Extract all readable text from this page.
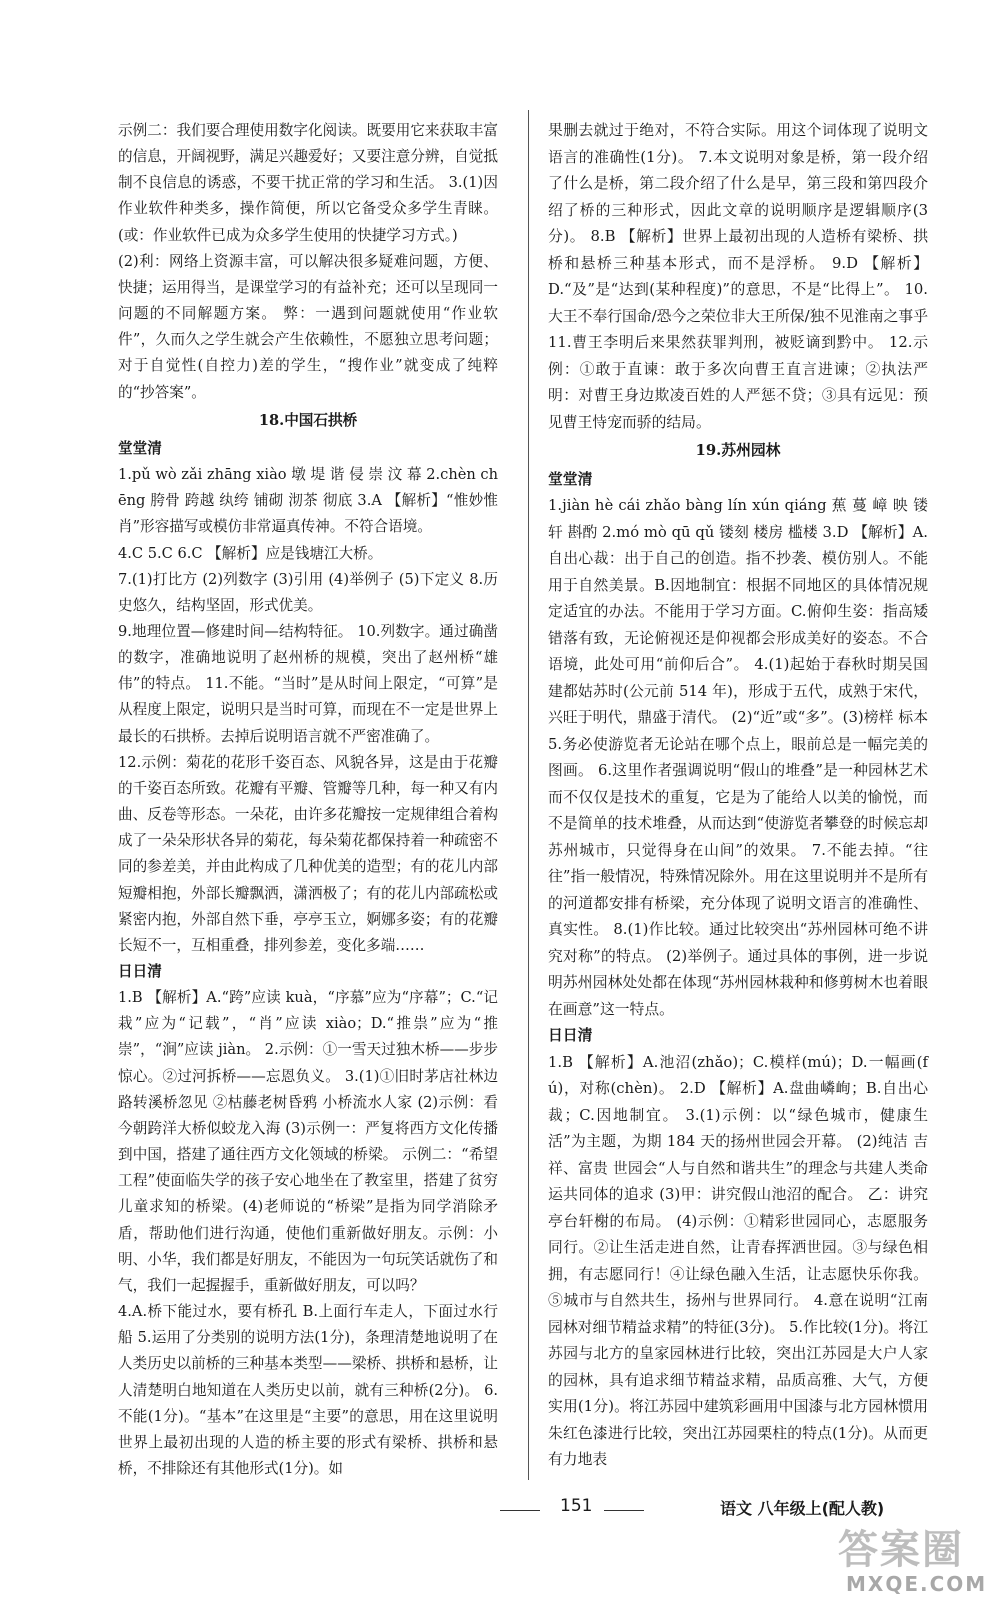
示例二：我们要合理使用数字化阅读。既要用它来获取丰富的信息，开阔视野，满足兴趣爱好；又要注意分辨，自觉抵制不良信息的诱惑，不要干扰正常的学习和生活。 3.(1)因作业软件种类多，操作简便，所以它备受众多学生青睐。(或：作业软件已成为众多学生使用的快捷学习方式。)

(2)利：网络上资源丰富，可以解决很多疑难问题，方便、快捷；运用得当，是课堂学习的有益补充；还可以呈现同一问题的不同解题方案。 弊：一遇到问题就使用“作业软件”，久而久之学生就会产生依赖性，不愿独立思考问题；对于自觉性(自控力)差的学生，“搜作业”就变成了纯粹的“抄答案”。

18.中国石拱桥
堂堂清

1.pǔ wò zǎi zhāng xiào 墩 堤 谐 侵 崇 汶 幕 2.chèn chēng 胯骨 跨越 纨绔 铺砌 沏茶 彻底 3.A 【解析】“惟妙惟肖”形容描写或模仿非常逼真传神。不符合语境。

4.C 5.C 6.C 【解析】应是钱塘江大桥。

7.(1)打比方 (2)列数字 (3)引用 (4)举例子 (5)下定义 8.历史悠久，结构坚固，形式优美。

9.地理位置—修建时间—结构特征。 10.列数字。通过确凿的数字，准确地说明了赵州桥的规模，突出了赵州桥“雄伟”的特点。 11.不能。“当时”是从时间上限定，“可算”是从程度上限定，说明只是当时可算，而现在不一定是世界上最长的石拱桥。去掉后说明语言就不严密准确了。

12.示例：菊花的花形千姿百态、风貌各异，这是由于花瓣的千姿百态所致。花瓣有平瓣、管瓣等几种，每一种又有内曲、反卷等形态。一朵花，由许多花瓣按一定规律组合着构成了一朵朵形状各异的菊花，每朵菊花都保持着一种疏密不同的参差美，并由此构成了几种优美的造型；有的花儿内部短瓣相抱，外部长瓣飘洒，潇洒极了；有的花儿内部疏松或紧密内抱，外部自然下垂，亭亭玉立，婀娜多姿；有的花瓣长短不一，互相重叠，排列参差，变化多端……

日日清

1.B 【解析】A.“跨”应读 kuà，“序慕”应为“序幕”；C.“记栽”应为“记载”，“肖”应读 xiào；D.“推祟”应为“推崇”，“涧”应读 jiàn。 2.示例：①一雪天过独木桥——步步惊心。②过河拆桥——忘恩负义。 3.(1)①旧时茅店社林边 路转溪桥忽见 ②枯藤老树昏鸦 小桥流水人家 (2)示例：看今朝跨洋大桥似蛟龙入海 (3)示例一：严复将西方文化传播到中国，搭建了通往西方文化领域的桥梁。 示例二：“希望工程”使面临失学的孩子安心地坐在了教室里，搭建了贫穷儿童求知的桥梁。(4)老师说的“桥梁”是指为同学消除矛盾，帮助他们进行沟通，使他们重新做好朋友。示例：小明、小华，我们都是好朋友，不能因为一句玩笑话就伤了和气，我们一起握握手，重新做好朋友，可以吗？

4.A.桥下能过水，要有桥孔 B.上面行车走人，下面过水行船 5.运用了分类别的说明方法(1分)，条理清楚地说明了在人类历史以前桥的三种基本类型——梁桥、拱桥和悬桥，让人清楚明白地知道在人类历史以前，就有三种桥(2分)。 6.不能(1分)。“基本”在这里是“主要”的意思，用在这里说明世界上最初出现的人造的桥主要的形式有梁桥、拱桥和悬桥，不排除还有其他形式(1分)。如

果删去就过于绝对，不符合实际。用这个词体现了说明文语言的准确性(1分)。 7.本文说明对象是桥，第一段介绍了什么是桥，第二段介绍了什么是早，第三段和第四段介绍了桥的三种形式，因此文章的说明顺序是逻辑顺序(3分)。 8.B 【解析】世界上最初出现的人造桥有梁桥、拱桥和悬桥三种基本形式，而不是浮桥。 9.D 【解析】D.“及”是“达到(某种程度)”的意思，不是“比得上”。 10.大王不奉行国命/恐今之荣位非大王所保/独不见淮南之事乎 11.曹王李明后来果然获罪判刑，被贬谪到黔中。 12.示例：①敢于直谏：敢于多次向曹王直言进谏；②执法严明：对曹王身边欺凌百姓的人严惩不贷；③具有远见：预见曹王恃宠而骄的结局。

19.苏州园林
堂堂清

1.jiàn hè cái zhǎo bàng lín xún qiáng 蕉 蔓 嶂 映 镂 轩 斟酌 2.mó mò qū qǔ 镂刻 楼房 槛楼 3.D 【解析】A.自出心裁：出于自己的创造。指不抄袭、模仿别人。不能用于自然美景。B.因地制宜：根据不同地区的具体情况规定适宜的办法。不能用于学习方面。C.俯仰生姿：指高矮错落有致，无论俯视还是仰视都会形成美好的姿态。不合语境，此处可用“前仰后合”。 4.(1)起始于春秋时期吴国建都姑苏时(公元前 514 年)，形成于五代，成熟于宋代，兴旺于明代，鼎盛于清代。 (2)“近”或“多”。(3)榜样 标本 5.务必使游览者无论站在哪个点上，眼前总是一幅完美的图画。 6.这里作者强调说明“假山的堆叠”是一种园林艺术而不仅仅是技术的重复，它是为了能给人以美的愉悦，而不是简单的技术堆叠，从而达到“使游览者攀登的时候忘却苏州城市，只觉得身在山间”的效果。 7.不能去掉。“往往”指一般情况，特殊情况除外。用在这里说明并不是所有的河道都安排有桥梁，充分体现了说明文语言的准确性、真实性。 8.(1)作比较。通过比较突出“苏州园林可绝不讲究对称”的特点。 (2)举例子。通过具体的事例，进一步说明苏州园林处处都在体现“苏州园林栽种和修剪树木也着眼在画意”这一特点。

日日清

1.B 【解析】A.池沼(zhǎo)；C.模样(mú)；D.一幅画(fú)，对称(chèn)。 2.D 【解析】A.盘曲嶙峋；B.自出心裁；C.因地制宜。 3.(1)示例：以“绿色城市，健康生活”为主题，为期 184 天的扬州世园会开幕。 (2)纯洁 吉祥、富贵 世园会“人与自然和谐共生”的理念与共建人类命运共同体的追求 (3)甲：讲究假山池沼的配合。 乙：讲究亭台轩榭的布局。 (4)示例：①精彩世园同心，志愿服务同行。②让生活走进自然，让青春挥洒世园。③与绿色相拥，有志愿同行！④让绿色融入生活，让志愿快乐你我。⑤城市与自然共生，扬州与世界同行。 4.意在说明“江南园林对细节精益求精”的特征(3分)。 5.作比较(1分)。将江苏园与北方的皇家园林进行比较，突出江苏园是大户人家的园林，具有追求细节精益求精，品质高雅、大气，方便实用(1分)。将江苏园中建筑彩画用中国漆与北方园林惯用朱红色漆进行比较，突出江苏园栗柱的特点(1分)。从而更有力地表

151	语文 八年级上(配人教)
答案圈
MXQE.COM
